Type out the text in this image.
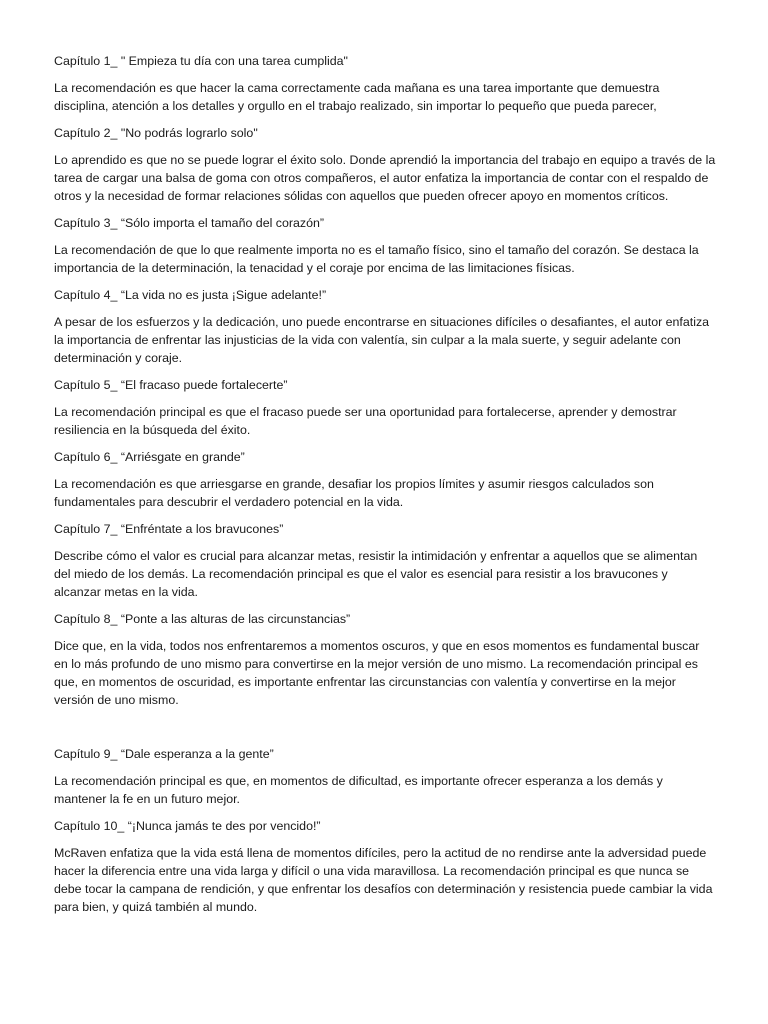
Capítulo 1_ " Empieza tu día con una tarea cumplida"

La recomendación es que hacer la cama correctamente cada mañana es una tarea importante que demuestra disciplina, atención a los detalles y orgullo en el trabajo realizado, sin importar lo pequeño que pueda parecer,

Capítulo 2_ "No podrás lograrlo solo"

Lo aprendido es que no se puede lograr el éxito solo. Donde aprendió la importancia del trabajo en equipo a través de la tarea de cargar una balsa de goma con otros compañeros, el autor enfatiza la importancia de contar con el respaldo de otros y la necesidad de formar relaciones sólidas con aquellos que pueden ofrecer apoyo en momentos críticos.

Capítulo 3_ “Sólo importa el tamaño del corazón”

La recomendación de que lo que realmente importa no es el tamaño físico, sino el tamaño del corazón. Se destaca la importancia de la determinación, la tenacidad y el coraje por encima de las limitaciones físicas.

Capítulo 4_ “La vida no es justa ¡Sigue adelante!”

A pesar de los esfuerzos y la dedicación, uno puede encontrarse en situaciones difíciles o desafiantes, el autor enfatiza la importancia de enfrentar las injusticias de la vida con valentía, sin culpar a la mala suerte, y seguir adelante con determinación y coraje.

Capítulo 5_ “El fracaso puede fortalecerte”

La recomendación principal es que el fracaso puede ser una oportunidad para fortalecerse, aprender y demostrar resiliencia en la búsqueda del éxito.

Capítulo 6_ “Arriésgate en grande”

La recomendación es que arriesgarse en grande, desafiar los propios límites y asumir riesgos calculados son fundamentales para descubrir el verdadero potencial en la vida.

Capítulo 7_ “Enfréntate a los bravucones”

Describe cómo el valor es crucial para alcanzar metas, resistir la intimidación y enfrentar a aquellos que se alimentan del miedo de los demás. La recomendación principal es que el valor es esencial para resistir a los bravucones y alcanzar metas en la vida.

Capítulo 8_ “Ponte a las alturas de las circunstancias”

Dice que, en la vida, todos nos enfrentaremos a momentos oscuros, y que en esos momentos es fundamental buscar en lo más profundo de uno mismo para convertirse en la mejor versión de uno mismo. La recomendación principal es que, en momentos de oscuridad, es importante enfrentar las circunstancias con valentía y convertirse en la mejor versión de uno mismo.

Capítulo 9_ “Dale esperanza a la gente”

La recomendación principal es que, en momentos de dificultad, es importante ofrecer esperanza a los demás y mantener la fe en un futuro mejor.

Capítulo 10_ “¡Nunca jamás te des por vencido!”

McRaven enfatiza que la vida está llena de momentos difíciles, pero la actitud de no rendirse ante la adversidad puede hacer la diferencia entre una vida larga y difícil o una vida maravillosa. La recomendación principal es que nunca se debe tocar la campana de rendición, y que enfrentar los desafíos con determinación y resistencia puede cambiar la vida para bien, y quizá también al mundo.
